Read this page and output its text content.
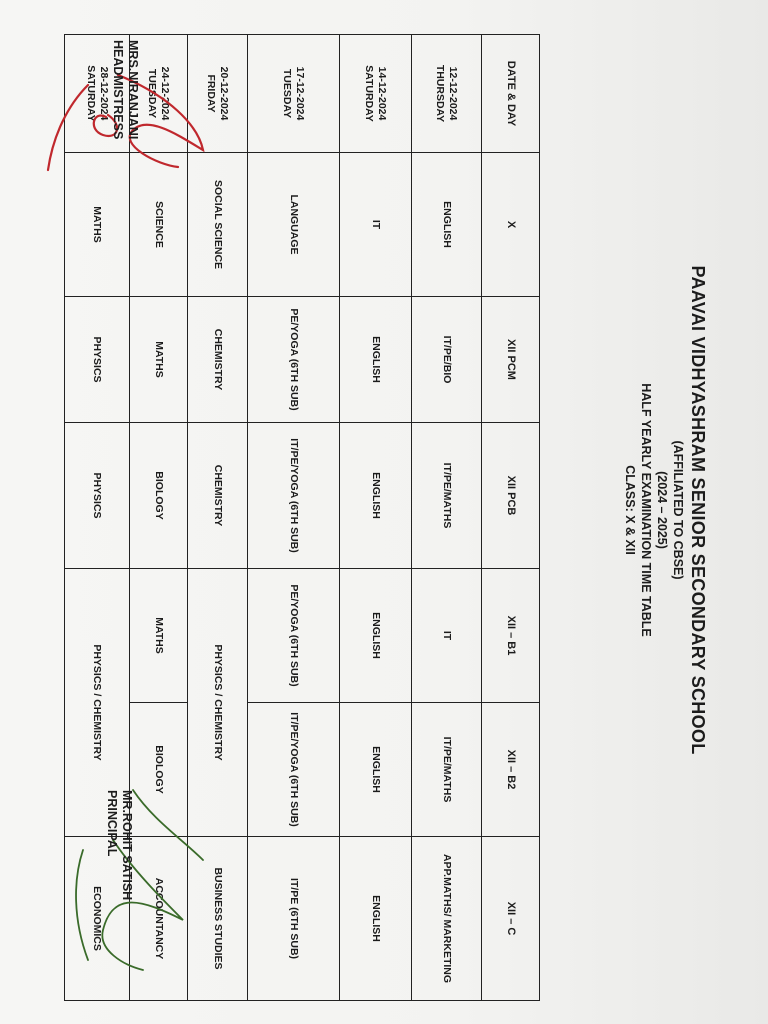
PAAVAI VIDHYASHRAM SENIOR SECONDARY SCHOOL
(AFFILIATED TO CBSE)
(2024 – 2025)
HALF YEARLY EXAMINATION TIME TABLE
CLASS: X & XII
DATE & DAY	X	XII PCM	XII PCB	XII – B1	XII – B2	XII – C

12-12-2024
THURSDAY	ENGLISH	IT/PE/BIO	IT/PE/MATHS	IT	IT/PE/MATHS	APP.MATHS/ MARKETING

14-12-2024
SATURDAY	IT	ENGLISH	ENGLISH	ENGLISH	ENGLISH	ENGLISH

17-12-2024
TUESDAY	LANGUAGE	PE/YOGA (6TH SUB)	IT/PE/YOGA (6TH SUB)	PE/YOGA (6TH SUB)	IT/PE/YOGA (6TH SUB)	IT/PE (6TH SUB)

20-12-2024
FRIDAY	SOCIAL SCIENCE	CHEMISTRY	CHEMISTRY	PHYSICS / CHEMISTRY		BUSINESS STUDIES

24-12-2024
TUESDAY	SCIENCE	MATHS	BIOLOGY	MATHS	BIOLOGY	ACCOUNTANCY

28-12-2024
SATURDAY	MATHS	PHYSICS	PHYSICS	PHYSICS / CHEMISTRY		ECONOMICS
MRS.NIRANJANI
HEADMISTRESS
MR.ROHIT SATISH
PRINCIPAL
